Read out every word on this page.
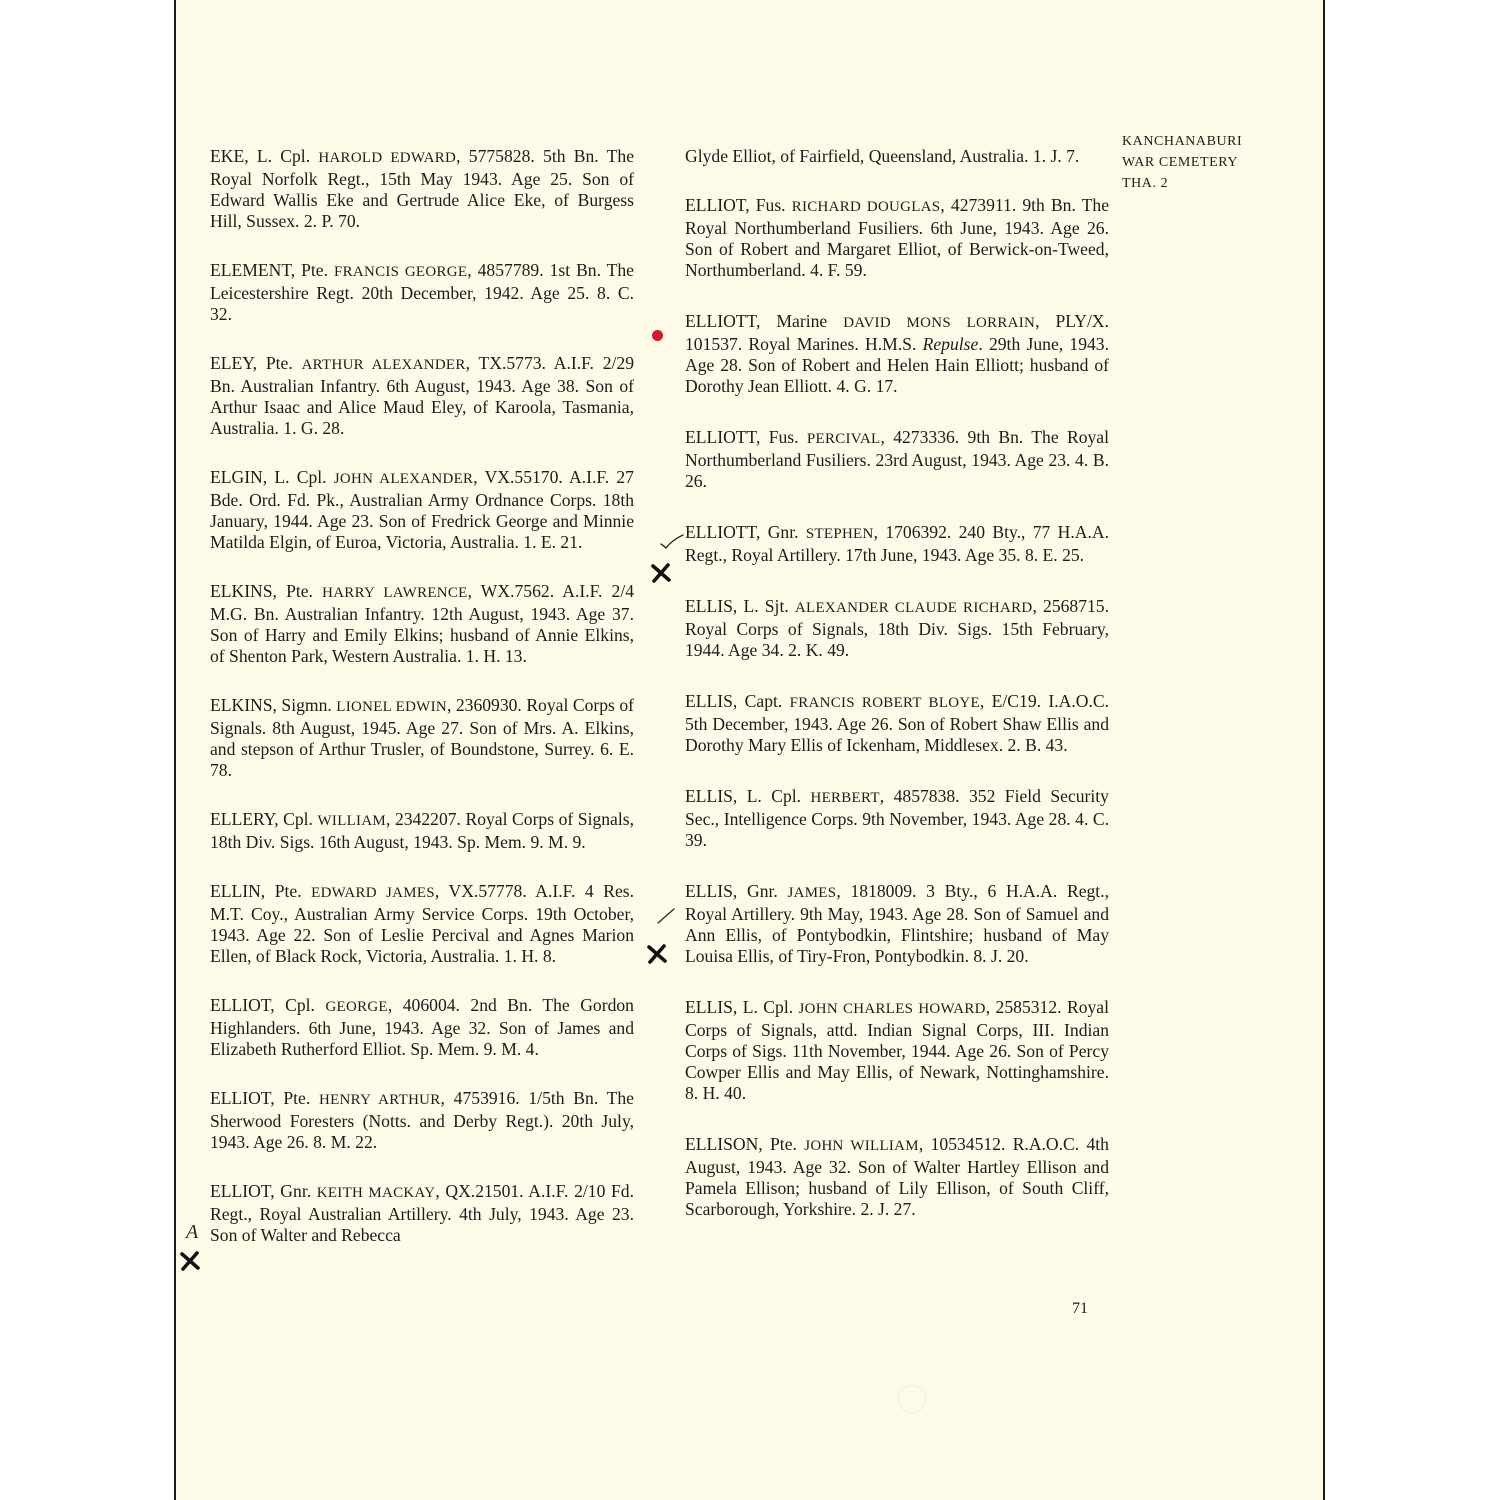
KANCHANABURI
WAR CEMETERY
THA. 2

EKE, L. Cpl. HAROLD EDWARD, 5775828. 5th Bn. The Royal Norfolk Regt., 15th May 1943. Age 25. Son of Edward Wallis Eke and Gertrude Alice Eke, of Burgess Hill, Sussex. 2. P. 70.

ELEMENT, Pte. FRANCIS GEORGE, 4857789. 1st Bn. The Leicestershire Regt. 20th December, 1942. Age 25. 8. C. 32.

ELEY, Pte. ARTHUR ALEXANDER, TX.5773. A.I.F. 2/29 Bn. Australian Infantry. 6th August, 1943. Age 38. Son of Arthur Isaac and Alice Maud Eley, of Karoola, Tasmania, Australia. 1. G. 28.

ELGIN, L. Cpl. JOHN ALEXANDER, VX.55170. A.I.F. 27 Bde. Ord. Fd. Pk., Australian Army Ordnance Corps. 18th January, 1944. Age 23. Son of Fredrick George and Minnie Matilda Elgin, of Euroa, Victoria, Australia. 1. E. 21.

ELKINS, Pte. HARRY LAWRENCE, WX.7562. A.I.F. 2/4 M.G. Bn. Australian Infantry. 12th August, 1943. Age 37. Son of Harry and Emily Elkins; husband of Annie Elkins, of Shenton Park, Western Australia. 1. H. 13.

ELKINS, Sigmn. LIONEL EDWIN, 2360930. Royal Corps of Signals. 8th August, 1945. Age 27. Son of Mrs. A. Elkins, and stepson of Arthur Trusler, of Boundstone, Surrey. 6. E. 78.

ELLERY, Cpl. WILLIAM, 2342207. Royal Corps of Signals, 18th Div. Sigs. 16th August, 1943. Sp. Mem. 9. M. 9.

ELLIN, Pte. EDWARD JAMES, VX.57778. A.I.F. 4 Res. M.T. Coy., Australian Army Service Corps. 19th October, 1943. Age 22. Son of Leslie Percival and Agnes Marion Ellen, of Black Rock, Victoria, Australia. 1. H. 8.

ELLIOT, Cpl. GEORGE, 406004. 2nd Bn. The Gordon Highlanders. 6th June, 1943. Age 32. Son of James and Elizabeth Rutherford Elliot. Sp. Mem. 9. M. 4.

ELLIOT, Pte. HENRY ARTHUR, 4753916. 1/5th Bn. The Sherwood Foresters (Notts. and Derby Regt.). 20th July, 1943. Age 26. 8. M. 22.

ELLIOT, Gnr. KEITH MACKAY, QX.21501. A.I.F. 2/10 Fd. Regt., Royal Australian Artillery. 4th July, 1943. Age 23. Son of Walter and Rebecca

Glyde Elliot, of Fairfield, Queensland, Australia. 1. J. 7.

ELLIOT, Fus. RICHARD DOUGLAS, 4273911. 9th Bn. The Royal Northumberland Fusiliers. 6th June, 1943. Age 26. Son of Robert and Margaret Elliot, of Berwick-on-Tweed, Northumberland. 4. F. 59.

ELLIOTT, Marine DAVID MONS LORRAIN, PLY/X. 101537. Royal Marines. H.M.S. Repulse. 29th June, 1943. Age 28. Son of Robert and Helen Hain Elliott; husband of Dorothy Jean Elliott. 4. G. 17.

ELLIOTT, Fus. PERCIVAL, 4273336. 9th Bn. The Royal Northumberland Fusiliers. 23rd August, 1943. Age 23. 4. B. 26.

ELLIOTT, Gnr. STEPHEN, 1706392. 240 Bty., 77 H.A.A. Regt., Royal Artillery. 17th June, 1943. Age 35. 8. E. 25.

ELLIS, L. Sjt. ALEXANDER CLAUDE RICHARD, 2568715. Royal Corps of Signals, 18th Div. Sigs. 15th February, 1944. Age 34. 2. K. 49.

ELLIS, Capt. FRANCIS ROBERT BLOYE, E/C19. I.A.O.C. 5th December, 1943. Age 26. Son of Robert Shaw Ellis and Dorothy Mary Ellis of Ickenham, Middlesex. 2. B. 43.

ELLIS, L. Cpl. HERBERT, 4857838. 352 Field Security Sec., Intelligence Corps. 9th November, 1943. Age 28. 4. C. 39.

ELLIS, Gnr. JAMES, 1818009. 3 Bty., 6 H.A.A. Regt., Royal Artillery. 9th May, 1943. Age 28. Son of Samuel and Ann Ellis, of Pontybodkin, Flintshire; husband of May Louisa Ellis, of Tiry-Fron, Pontybodkin. 8. J. 20.

ELLIS, L. Cpl. JOHN CHARLES HOWARD, 2585312. Royal Corps of Signals, attd. Indian Signal Corps, III. Indian Corps of Sigs. 11th November, 1944. Age 26. Son of Percy Cowper Ellis and May Ellis, of Newark, Nottinghamshire. 8. H. 40.

ELLISON, Pte. JOHN WILLIAM, 10534512. R.A.O.C. 4th August, 1943. Age 32. Son of Walter Hartley Ellison and Pamela Ellison; husband of Lily Ellison, of South Cliff, Scarborough, Yorkshire. 2. J. 27.

71
A
